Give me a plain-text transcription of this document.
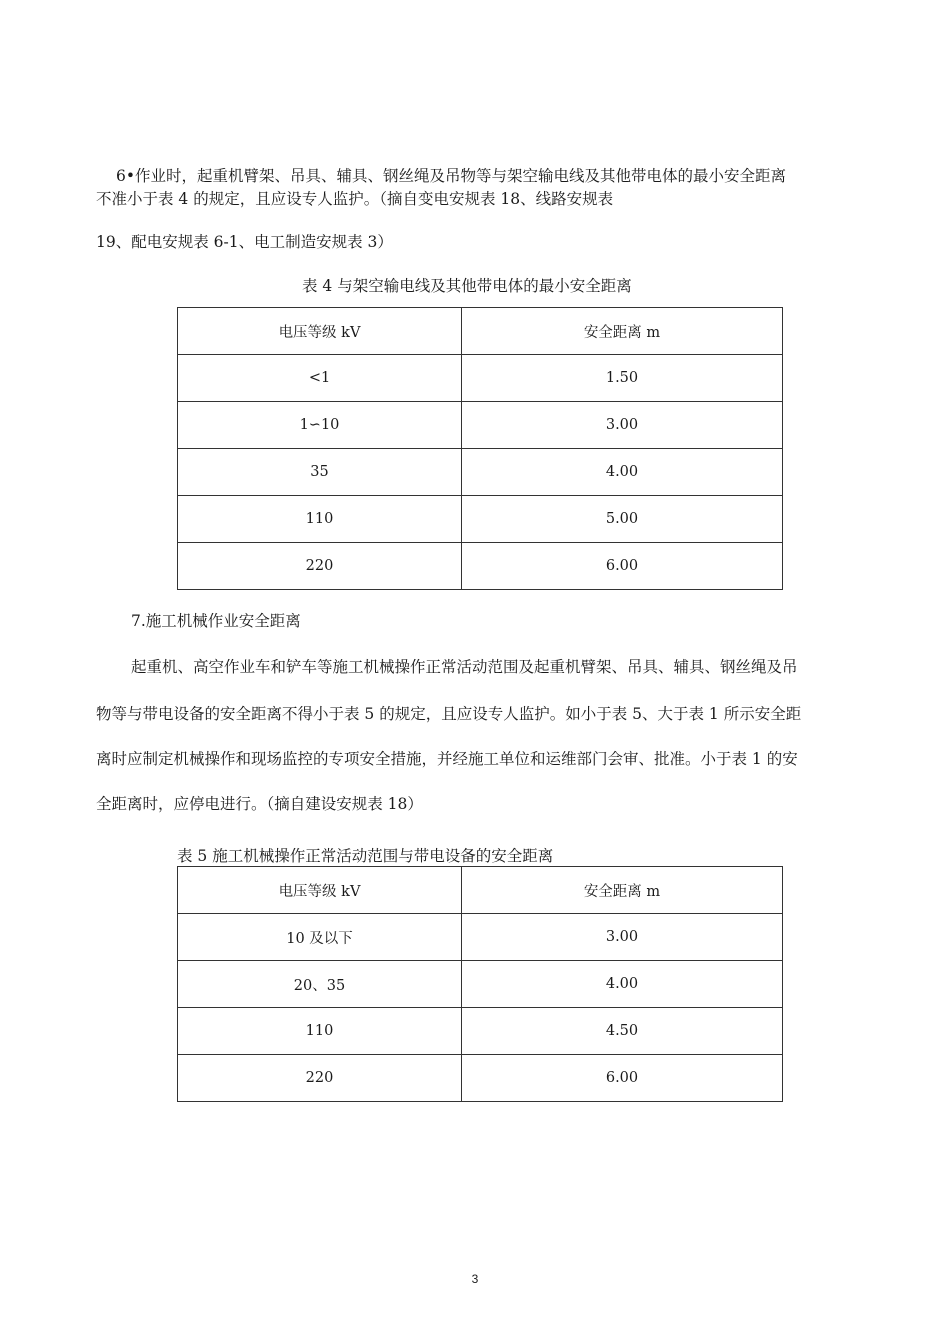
6•作业时，起重机臂架、吊具、辅具、钢丝绳及吊物等与架空输电线及其他带电体的最小安全距离
不准小于表 4 的规定，且应设专人监护。（摘自变电安规表 18、线路安规表
19、配电安规表 6-1、电工制造安规表 3）
表 4 与架空输电线及其他带电体的最小安全距离
电压等级 kV	安全距离 m
<1	1.50
1∽10	3.00
35	4.00
110	5.00
220	6.00
7.施工机械作业安全距离
起重机、高空作业车和铲车等施工机械操作正常活动范围及起重机臂架、吊具、辅具、钢丝绳及吊
物等与带电设备的安全距离不得小于表 5 的规定，且应设专人监护。如小于表 5、大于表 1 所示安全距
离时应制定机械操作和现场监控的专项安全措施，并经施工单位和运维部门会审、批准。小于表 1 的安
全距离时，应停电进行。（摘自建设安规表 18）
表 5 施工机械操作正常活动范围与带电设备的安全距离
电压等级 kV	安全距离 m
10 及以下	3.00
20、35	4.00
110	4.50
220	6.00
3
